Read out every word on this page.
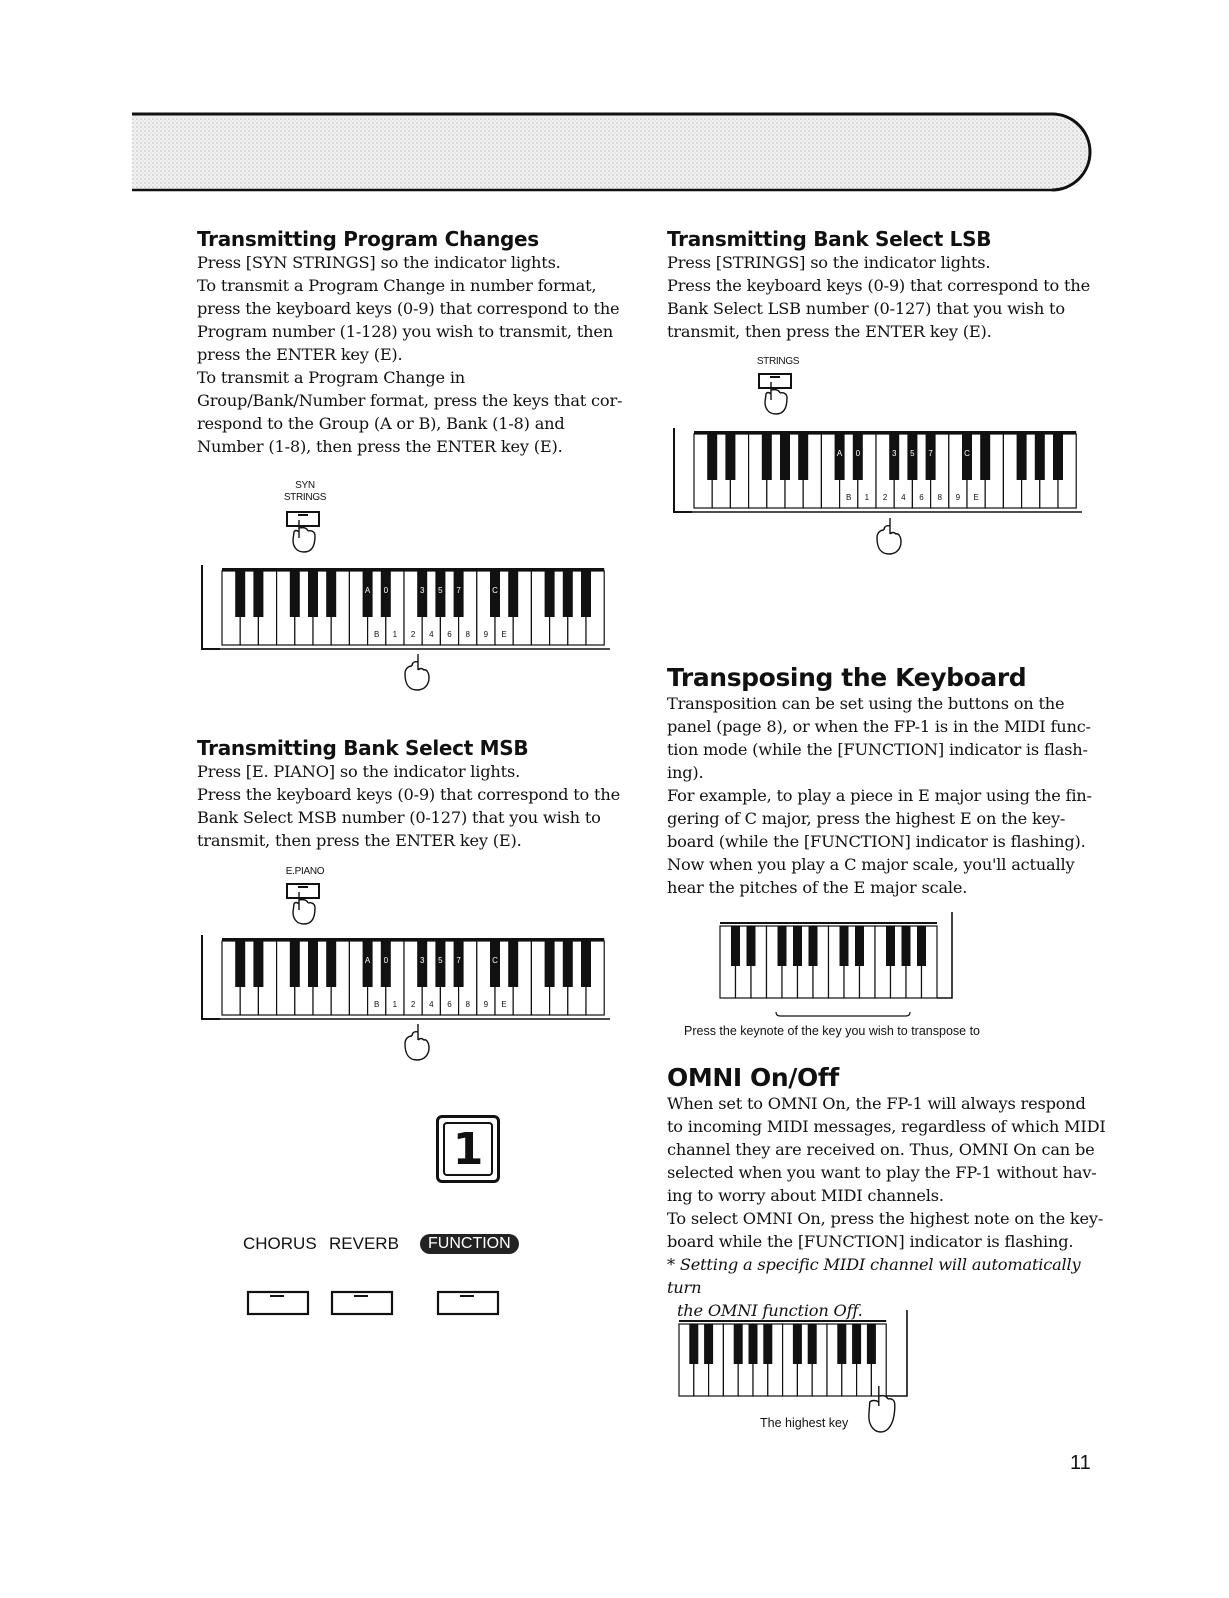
Transmitting Program Changes

Press [SYN STRINGS] so the indicator lights.

To transmit a Program Change in number format,

press the keyboard keys (0-9) that correspond to the

Program number (1-128) you wish to transmit, then

press the ENTER key (E).

To transmit a Program Change in

Group/Bank/Number format, press the keys that cor-

respond to the Group (A or B), Bank (1-8) and

Number (1-8), then press the ENTER key (E).

SYN
STRINGS
A 0	3 5 7	C
B 1 2 4 6 8 9 E
Transmitting Bank Select MSB

Press [E. PIANO] so the indicator lights.

Press the keyboard keys (0-9) that correspond to the

Bank Select MSB number (0-127) that you wish to

transmit, then press the ENTER key (E).

E.PIANO
A 0	3 5 7	C
B 1 2 4 6 8 9 E
1
CHORUS REVERB	FUNCTION
Transmitting Bank Select LSB

Press [STRINGS] so the indicator lights.

Press the keyboard keys (0-9) that correspond to the

Bank Select LSB number (0-127) that you wish to

transmit, then press the ENTER key (E).

STRINGS
A 0	3 5 7	C
B 1 2 4 6 8 9 E
Transposing the Keyboard

Transposition can be set using the buttons on the

panel (page 8), or when the FP-1 is in the MIDI func-

tion mode (while the [FUNCTION] indicator is flash-

ing).

For example, to play a piece in E major using the fin-

gering of C major, press the highest E on the key-

board (while the [FUNCTION] indicator is flashing).

Now when you play a C major scale, you'll actually

hear the pitches of the E major scale.

Press the keynote of the key you wish to transpose to
OMNI On/Off

When set to OMNI On, the FP-1 will always respond

to incoming MIDI messages, regardless of which MIDI

channel they are received on. Thus, OMNI On can be

selected when you want to play the FP-1 without hav-

ing to worry about MIDI channels.

To select OMNI On, press the highest note on the key-

board while the [FUNCTION] indicator is flashing.

* Setting a specific MIDI channel will automatically turn

the OMNI function Off.

The highest key
11
